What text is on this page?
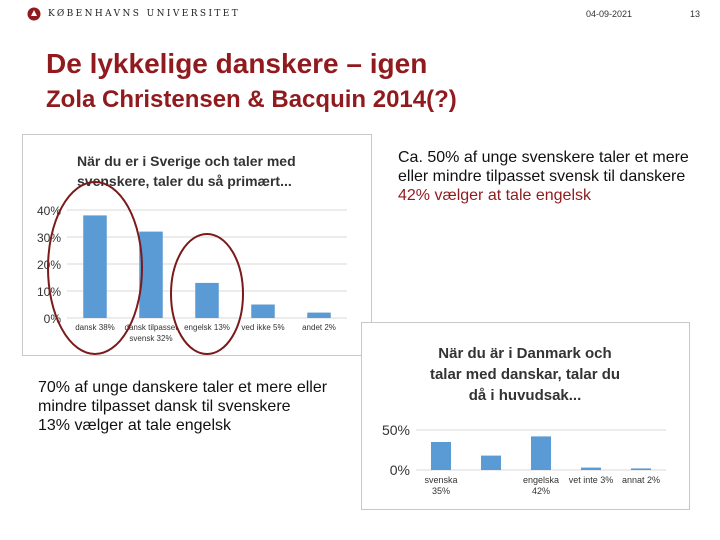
KØBENHAVNS UNIVERSITET	04-09-2021	13
De lykkelige danskere – igen
Zola Christensen & Bacquin 2014(?)
När du er i Sverige och taler med
svenskere, taler du så primært...
0%
10%
20%
30%
40%
dansk 38% dansk tilpasset
svensk 32%
engelsk 13% ved ikke 5% andet 2%
När du är i Danmark och
talar med danskar, talar du
då i huvudsak...
0%
50%
svenska
35%
engelska
42%
vet inte 3% annat 2%

Ca. 50% af unge svenskere taler et mere eller mindre tilpasset svensk til danskere
42% vælger at tale engelsk

70% af unge danskere taler et mere eller mindre tilpasset dansk til svenskere
13% vælger at tale engelsk
